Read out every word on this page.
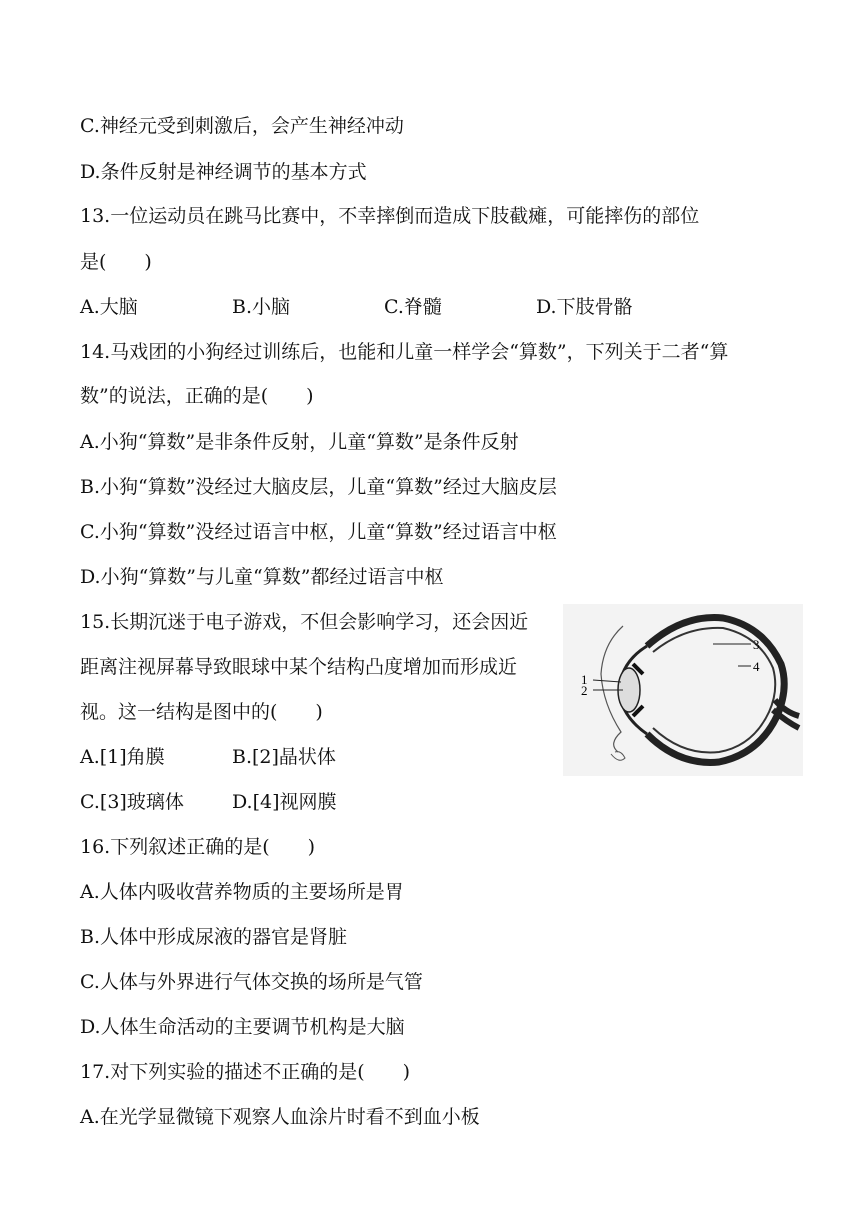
C.神经元受到刺激后，会产生神经冲动
D.条件反射是神经调节的基本方式
13.一位运动员在跳马比赛中，不幸摔倒而造成下肢截瘫，可能摔伤的部位
是(　　)
A.大脑	B.小脑	C.脊髓	D.下肢骨骼
14.马戏团的小狗经过训练后，也能和儿童一样学会“算数”，下列关于二者“算
数”的说法，正确的是(　　)
A.小狗“算数”是非条件反射，儿童“算数”是条件反射
B.小狗“算数”没经过大脑皮层，儿童“算数”经过大脑皮层
C.小狗“算数”没经过语言中枢，儿童“算数”经过语言中枢
D.小狗“算数”与儿童“算数”都经过语言中枢
15.长期沉迷于电子游戏，不但会影响学习，还会因近
距离注视屏幕导致眼球中某个结构凸度增加而形成近
视。这一结构是图中的(　　)
A.[1]角膜	B.[2]晶状体
C.[3]玻璃体	D.[4]视网膜
1
2
3
4
16.下列叙述正确的是(　　)
A.人体内吸收营养物质的主要场所是胃
B.人体中形成尿液的器官是肾脏
C.人体与外界进行气体交换的场所是气管
D.人体生命活动的主要调节机构是大脑
17.对下列实验的描述不正确的是(　　)
A.在光学显微镜下观察人血涂片时看不到血小板
